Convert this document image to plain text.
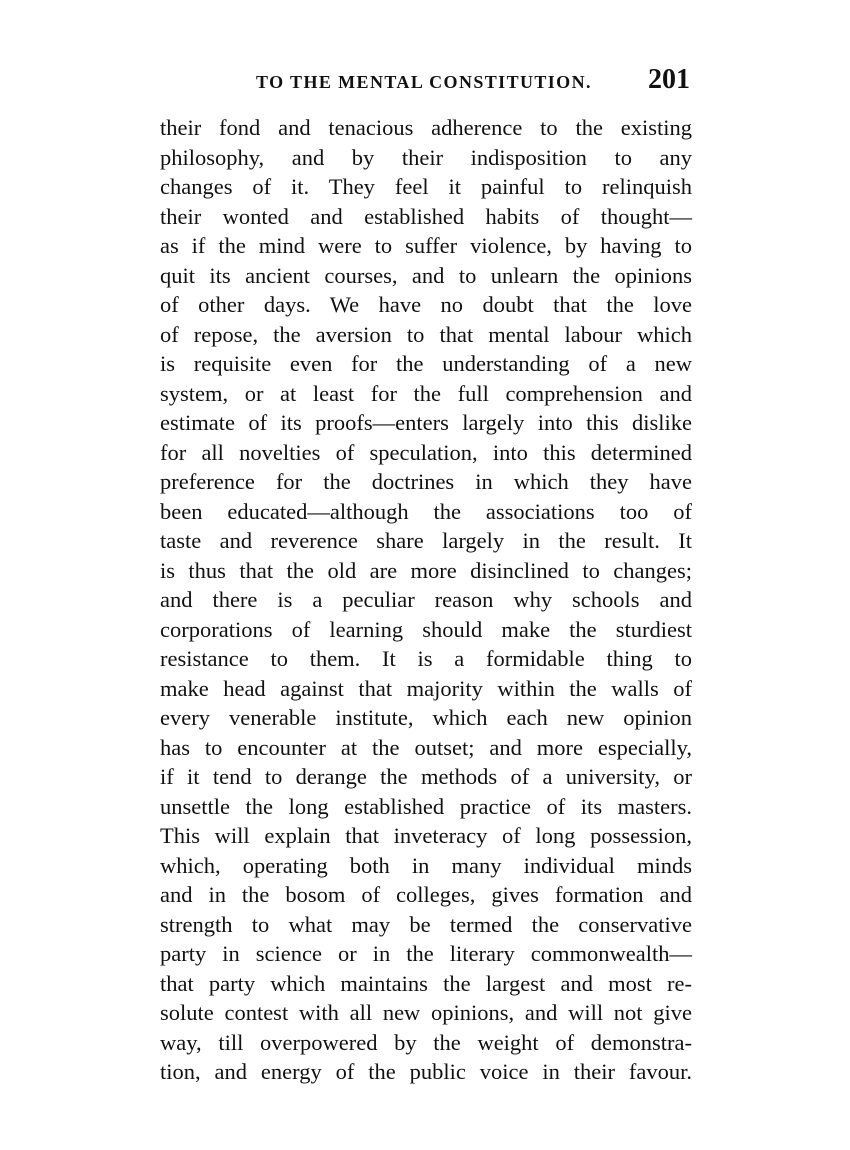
TO THE MENTAL CONSTITUTION. 201
their fond and tenacious adherence to the existing
philosophy, and by their indisposition to any
changes of it. They feel it painful to relinquish
their wonted and established habits of thought—
as if the mind were to suffer violence, by having to
quit its ancient courses, and to unlearn the opinions
of other days. We have no doubt that the love
of repose, the aversion to that mental labour which
is requisite even for the understanding of a new
system, or at least for the full comprehension and
estimate of its proofs—enters largely into this dislike
for all novelties of speculation, into this determined
preference for the doctrines in which they have
been educated—although the associations too of
taste and reverence share largely in the result. It
is thus that the old are more disinclined to changes;
and there is a peculiar reason why schools and
corporations of learning should make the sturdiest
resistance to them. It is a formidable thing to
make head against that majority within the walls of
every venerable institute, which each new opinion
has to encounter at the outset; and more especially,
if it tend to derange the methods of a university, or
unsettle the long established practice of its masters.
This will explain that inveteracy of long possession,
which, operating both in many individual minds
and in the bosom of colleges, gives formation and
strength to what may be termed the conservative
party in science or in the literary commonwealth—
that party which maintains the largest and most re-
solute contest with all new opinions, and will not give
way, till overpowered by the weight of demonstra-
tion, and energy of the public voice in their favour.
